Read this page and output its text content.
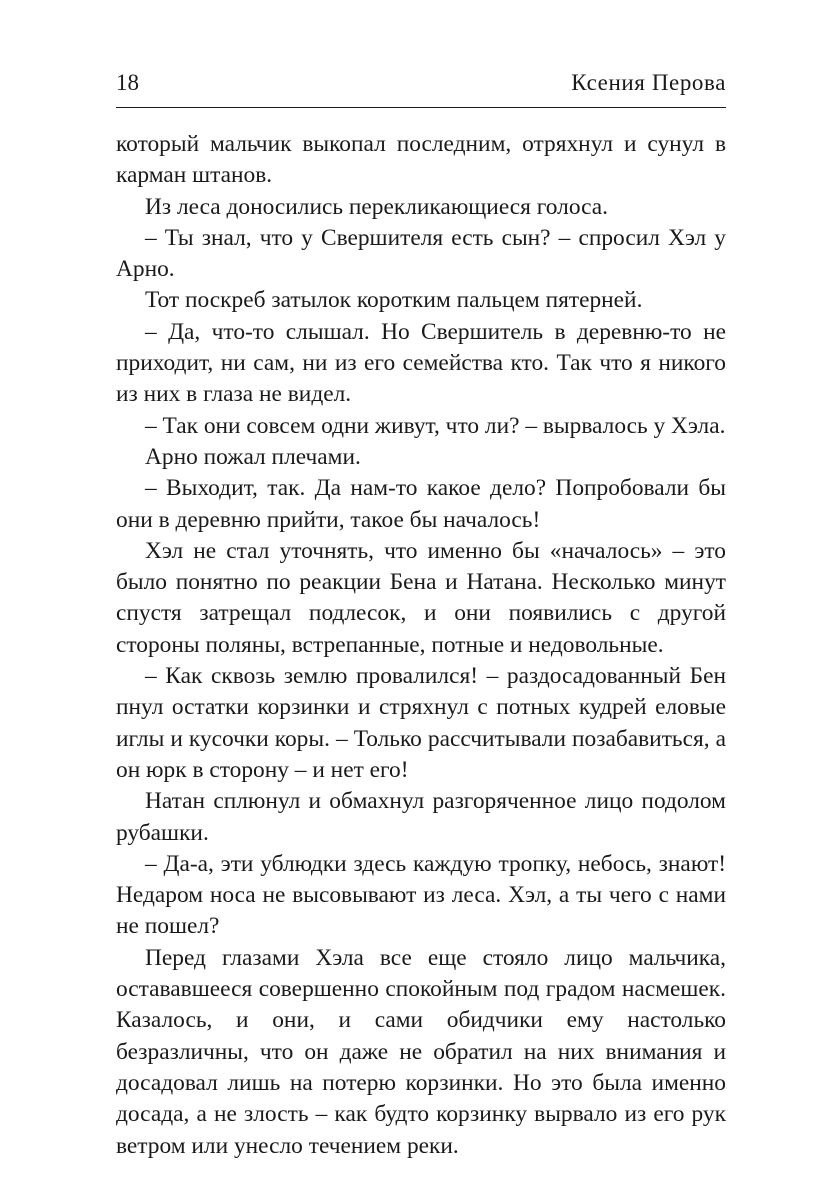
18	Ксения Перова

который мальчик выкопал последним, отряхнул и сунул в карман штанов.

Из леса доносились перекликающиеся голоса.

– Ты знал, что у Свершителя есть сын? – спросил Хэл у Арно.

Тот поскреб затылок коротким пальцем пятерней.

– Да, что-то слышал. Но Свершитель в деревню-то не приходит, ни сам, ни из его семейства кто. Так что я никого из них в глаза не видел.

– Так они совсем одни живут, что ли? – вырвалось у Хэла.

Арно пожал плечами.

– Выходит, так. Да нам-то какое дело? Попробовали бы они в деревню прийти, такое бы началось!

Хэл не стал уточнять, что именно бы «началось» – это было понятно по реакции Бена и Натана. Несколько минут спустя затрещал подлесок, и они появились с другой стороны поляны, встрепанные, потные и недовольные.

– Как сквозь землю провалился! – раздосадованный Бен пнул остатки корзинки и стряхнул с потных кудрей еловые иглы и кусочки коры. – Только рассчитывали позабавиться, а он юрк в сторону – и нет его!

Натан сплюнул и обмахнул разгоряченное лицо подолом рубашки.

– Да-а, эти ублюдки здесь каждую тропку, небось, знают! Недаром носа не высовывают из леса. Хэл, а ты чего с нами не пошел?

Перед глазами Хэла все еще стояло лицо мальчика, остававшееся совершенно спокойным под градом насмешек. Казалось, и они, и сами обидчики ему настолько безразличны, что он даже не обратил на них внимания и досадовал лишь на потерю корзинки. Но это была именно досада, а не злость – как будто корзинку вырвало из его рук ветром или унесло течением реки.
